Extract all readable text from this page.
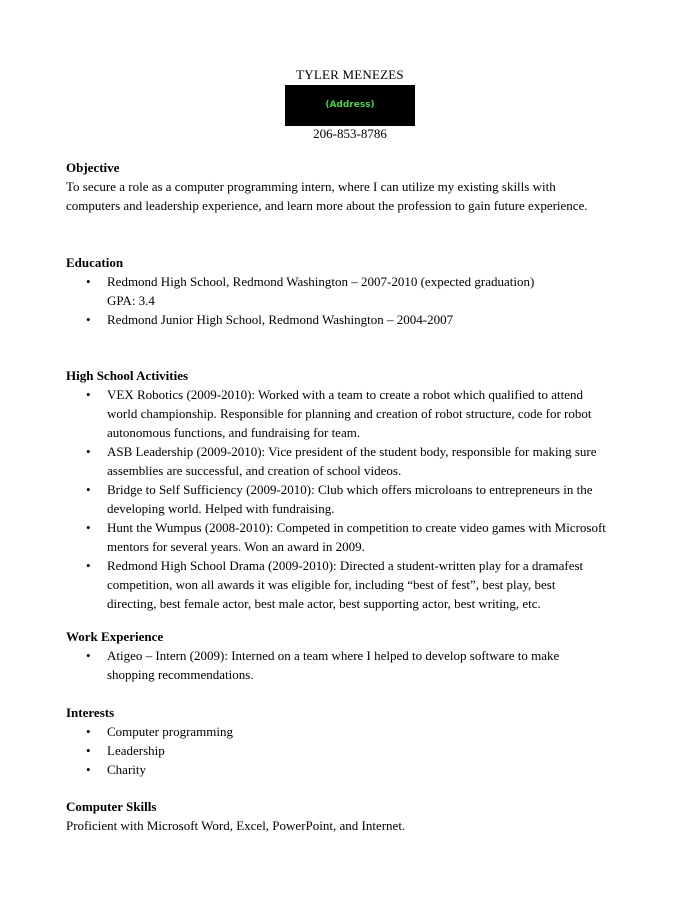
TYLER MENEZES
(Address)
206-853-8786
Objective

To secure a role as a computer programming intern, where I can utilize my existing skills with
computers and leadership experience, and learn more about the profession to gain future experience.

Education
• Redmond High School, Redmond Washington – 2007-2010 (expected graduation)
GPA: 3.4
• Redmond Junior High School, Redmond Washington – 2004-2007
High School Activities
• VEX Robotics (2009-2010): Worked with a team to create a robot which qualified to attend
world championship. Responsible for planning and creation of robot structure, code for robot
autonomous functions, and fundraising for team.
• ASB Leadership (2009-2010): Vice president of the student body, responsible for making sure
assemblies are successful, and creation of school videos.
• Bridge to Self Sufficiency (2009-2010): Club which offers microloans to entrepreneurs in the
developing world. Helped with fundraising.
• Hunt the Wumpus (2008-2010): Competed in competition to create video games with Microsoft
mentors for several years. Won an award in 2009.
• Redmond High School Drama (2009-2010): Directed a student-written play for a dramafest
competition, won all awards it was eligible for, including “best of fest”, best play, best
directing, best female actor, best male actor, best supporting actor, best writing, etc.
Work Experience
• Atigeo – Intern (2009): Interned on a team where I helped to develop software to make
shopping recommendations.
Interests
• Computer programming
• Leadership
• Charity
Computer Skills

Proficient with Microsoft Word, Excel, PowerPoint, and Internet.
